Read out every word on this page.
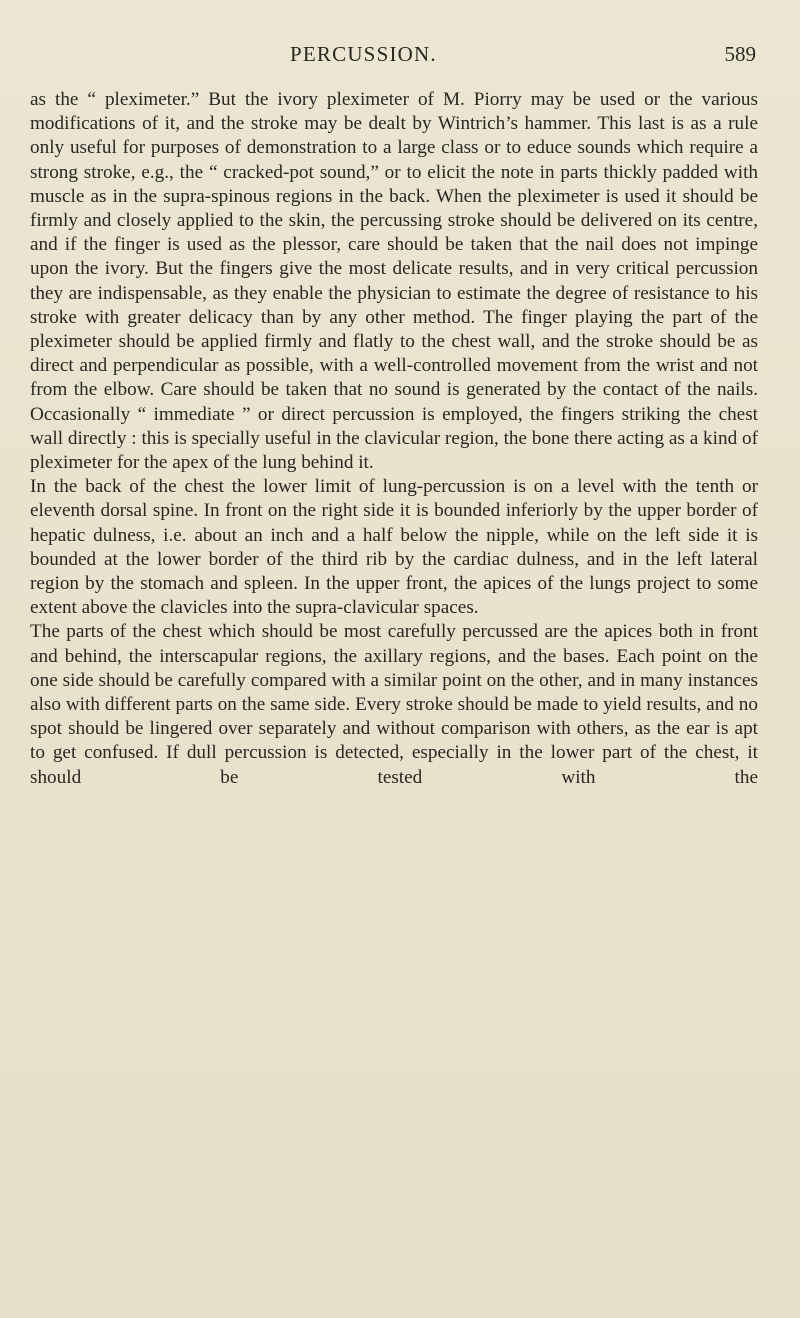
PERCUSSION.	589

as the “ pleximeter.” But the ivory pleximeter of M. Piorry may be used or the various modifications of it, and the stroke may be dealt by Wintrich’s hammer. This last is as a rule only useful for purposes of demonstration to a large class or to educe sounds which require a strong stroke, e.g., the “ cracked-pot sound,” or to elicit the note in parts thickly padded with muscle as in the supra-spinous regions in the back. When the pleximeter is used it should be firmly and closely applied to the skin, the percussing stroke should be delivered on its centre, and if the finger is used as the plessor, care should be taken that the nail does not impinge upon the ivory. But the fingers give the most delicate results, and in very critical percussion they are indispensable, as they enable the physician to estimate the degree of resistance to his stroke with greater delicacy than by any other method. The finger playing the part of the pleximeter should be applied firmly and flatly to the chest wall, and the stroke should be as direct and perpendicular as possible, with a well-controlled movement from the wrist and not from the elbow. Care should be taken that no sound is generated by the contact of the nails. Occasionally “ immediate ” or direct percussion is employed, the fingers striking the chest wall directly : this is specially useful in the clavicular region, the bone there acting as a kind of pleximeter for the apex of the lung behind it.

In the back of the chest the lower limit of lung-percussion is on a level with the tenth or eleventh dorsal spine. In front on the right side it is bounded inferiorly by the upper border of hepatic dulness, i.e. about an inch and a half below the nipple, while on the left side it is bounded at the lower border of the third rib by the cardiac dulness, and in the left lateral region by the stomach and spleen. In the upper front, the apices of the lungs project to some extent above the clavicles into the supra-clavicular spaces.

The parts of the chest which should be most carefully percussed are the apices both in front and behind, the interscapular regions, the axillary regions, and the bases. Each point on the one side should be carefully compared with a similar point on the other, and in many instances also with different parts on the same side. Every stroke should be made to yield results, and no spot should be lingered over separately and without comparison with others, as the ear is apt to get confused. If dull percussion is detected, especially in the lower part of the chest, it should be tested with the
